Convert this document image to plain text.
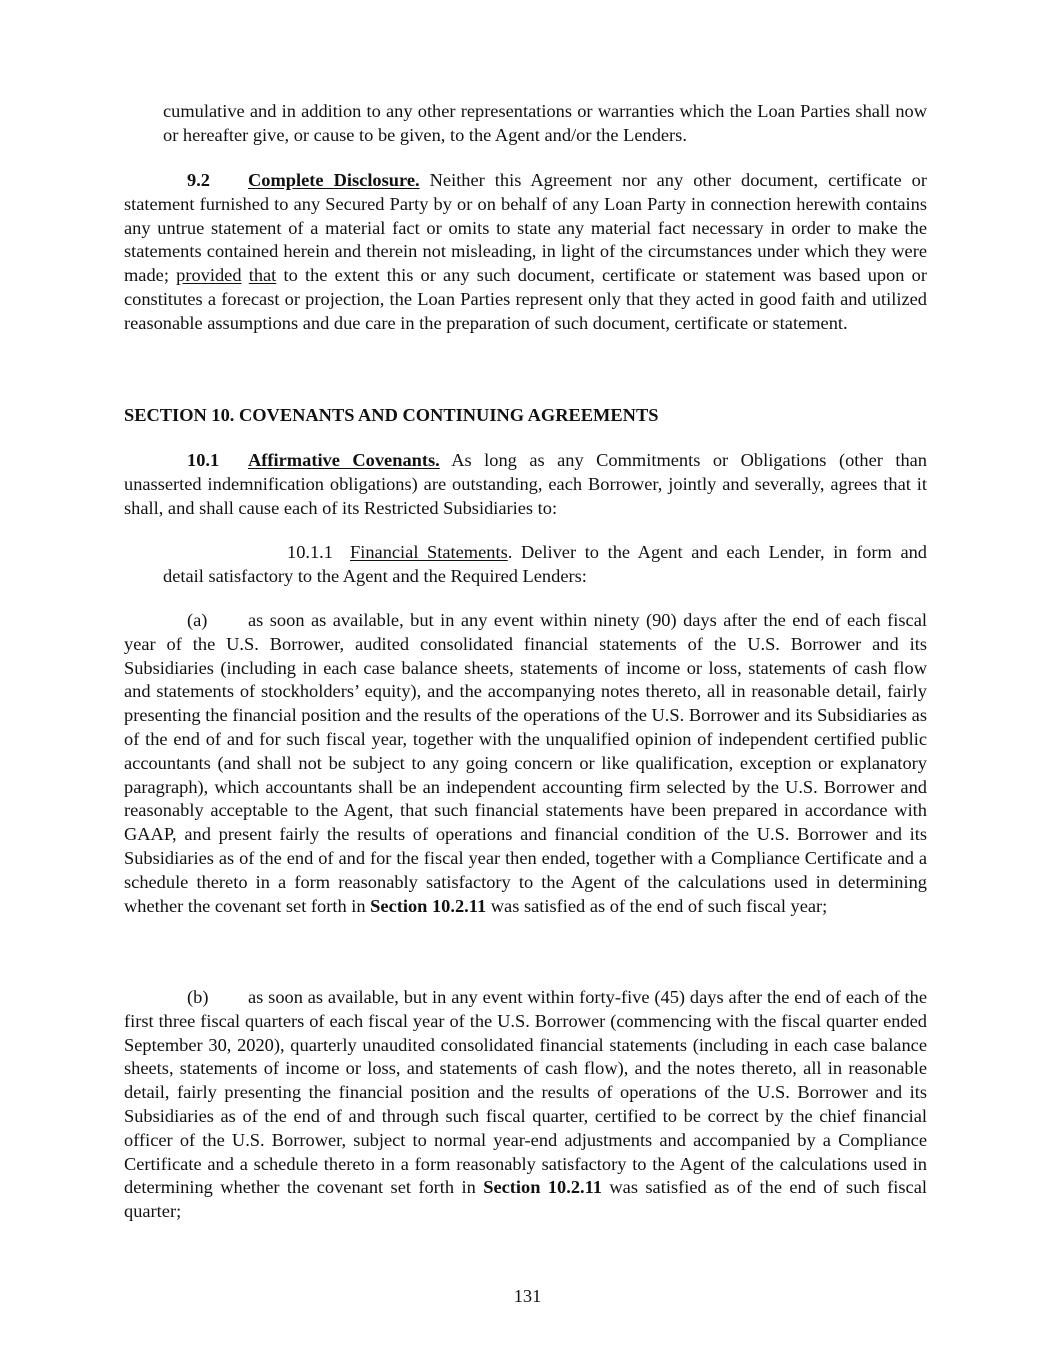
cumulative and in addition to any other representations or warranties which the Loan Parties shall now or hereafter give, or cause to be given, to the Agent and/or the Lenders.

9.2 Complete Disclosure. Neither this Agreement nor any other document, certificate or statement furnished to any Secured Party by or on behalf of any Loan Party in connection herewith contains any untrue statement of a material fact or omits to state any material fact necessary in order to make the statements contained herein and therein not misleading, in light of the circumstances under which they were made; provided that to the extent this or any such document, certificate or statement was based upon or constitutes a forecast or projection, the Loan Parties represent only that they acted in good faith and utilized reasonable assumptions and due care in the preparation of such document, certificate or statement.

SECTION 10. COVENANTS AND CONTINUING AGREEMENTS

10.1 Affirmative Covenants. As long as any Commitments or Obligations (other than unasserted indemnification obligations) are outstanding, each Borrower, jointly and severally, agrees that it shall, and shall cause each of its Restricted Subsidiaries to:

10.1.1 Financial Statements. Deliver to the Agent and each Lender, in form and detail satisfactory to the Agent and the Required Lenders:

(a) as soon as available, but in any event within ninety (90) days after the end of each fiscal year of the U.S. Borrower, audited consolidated financial statements of the U.S. Borrower and its Subsidiaries (including in each case balance sheets, statements of income or loss, statements of cash flow and statements of stockholders’ equity), and the accompanying notes thereto, all in reasonable detail, fairly presenting the financial position and the results of the operations of the U.S. Borrower and its Subsidiaries as of the end of and for such fiscal year, together with the unqualified opinion of independent certified public accountants (and shall not be subject to any going concern or like qualification, exception or explanatory paragraph), which accountants shall be an independent accounting firm selected by the U.S. Borrower and reasonably acceptable to the Agent, that such financial statements have been prepared in accordance with GAAP, and present fairly the results of operations and financial condition of the U.S. Borrower and its Subsidiaries as of the end of and for the fiscal year then ended, together with a Compliance Certificate and a schedule thereto in a form reasonably satisfactory to the Agent of the calculations used in determining whether the covenant set forth in Section 10.2.11 was satisfied as of the end of such fiscal year;

(b) as soon as available, but in any event within forty-five (45) days after the end of each of the first three fiscal quarters of each fiscal year of the U.S. Borrower (commencing with the fiscal quarter ended September 30, 2020), quarterly unaudited consolidated financial statements (including in each case balance sheets, statements of income or loss, and statements of cash flow), and the notes thereto, all in reasonable detail, fairly presenting the financial position and the results of operations of the U.S. Borrower and its Subsidiaries as of the end of and through such fiscal quarter, certified to be correct by the chief financial officer of the U.S. Borrower, subject to normal year-end adjustments and accompanied by a Compliance Certificate and a schedule thereto in a form reasonably satisfactory to the Agent of the calculations used in determining whether the covenant set forth in Section 10.2.11 was satisfied as of the end of such fiscal quarter;

131
